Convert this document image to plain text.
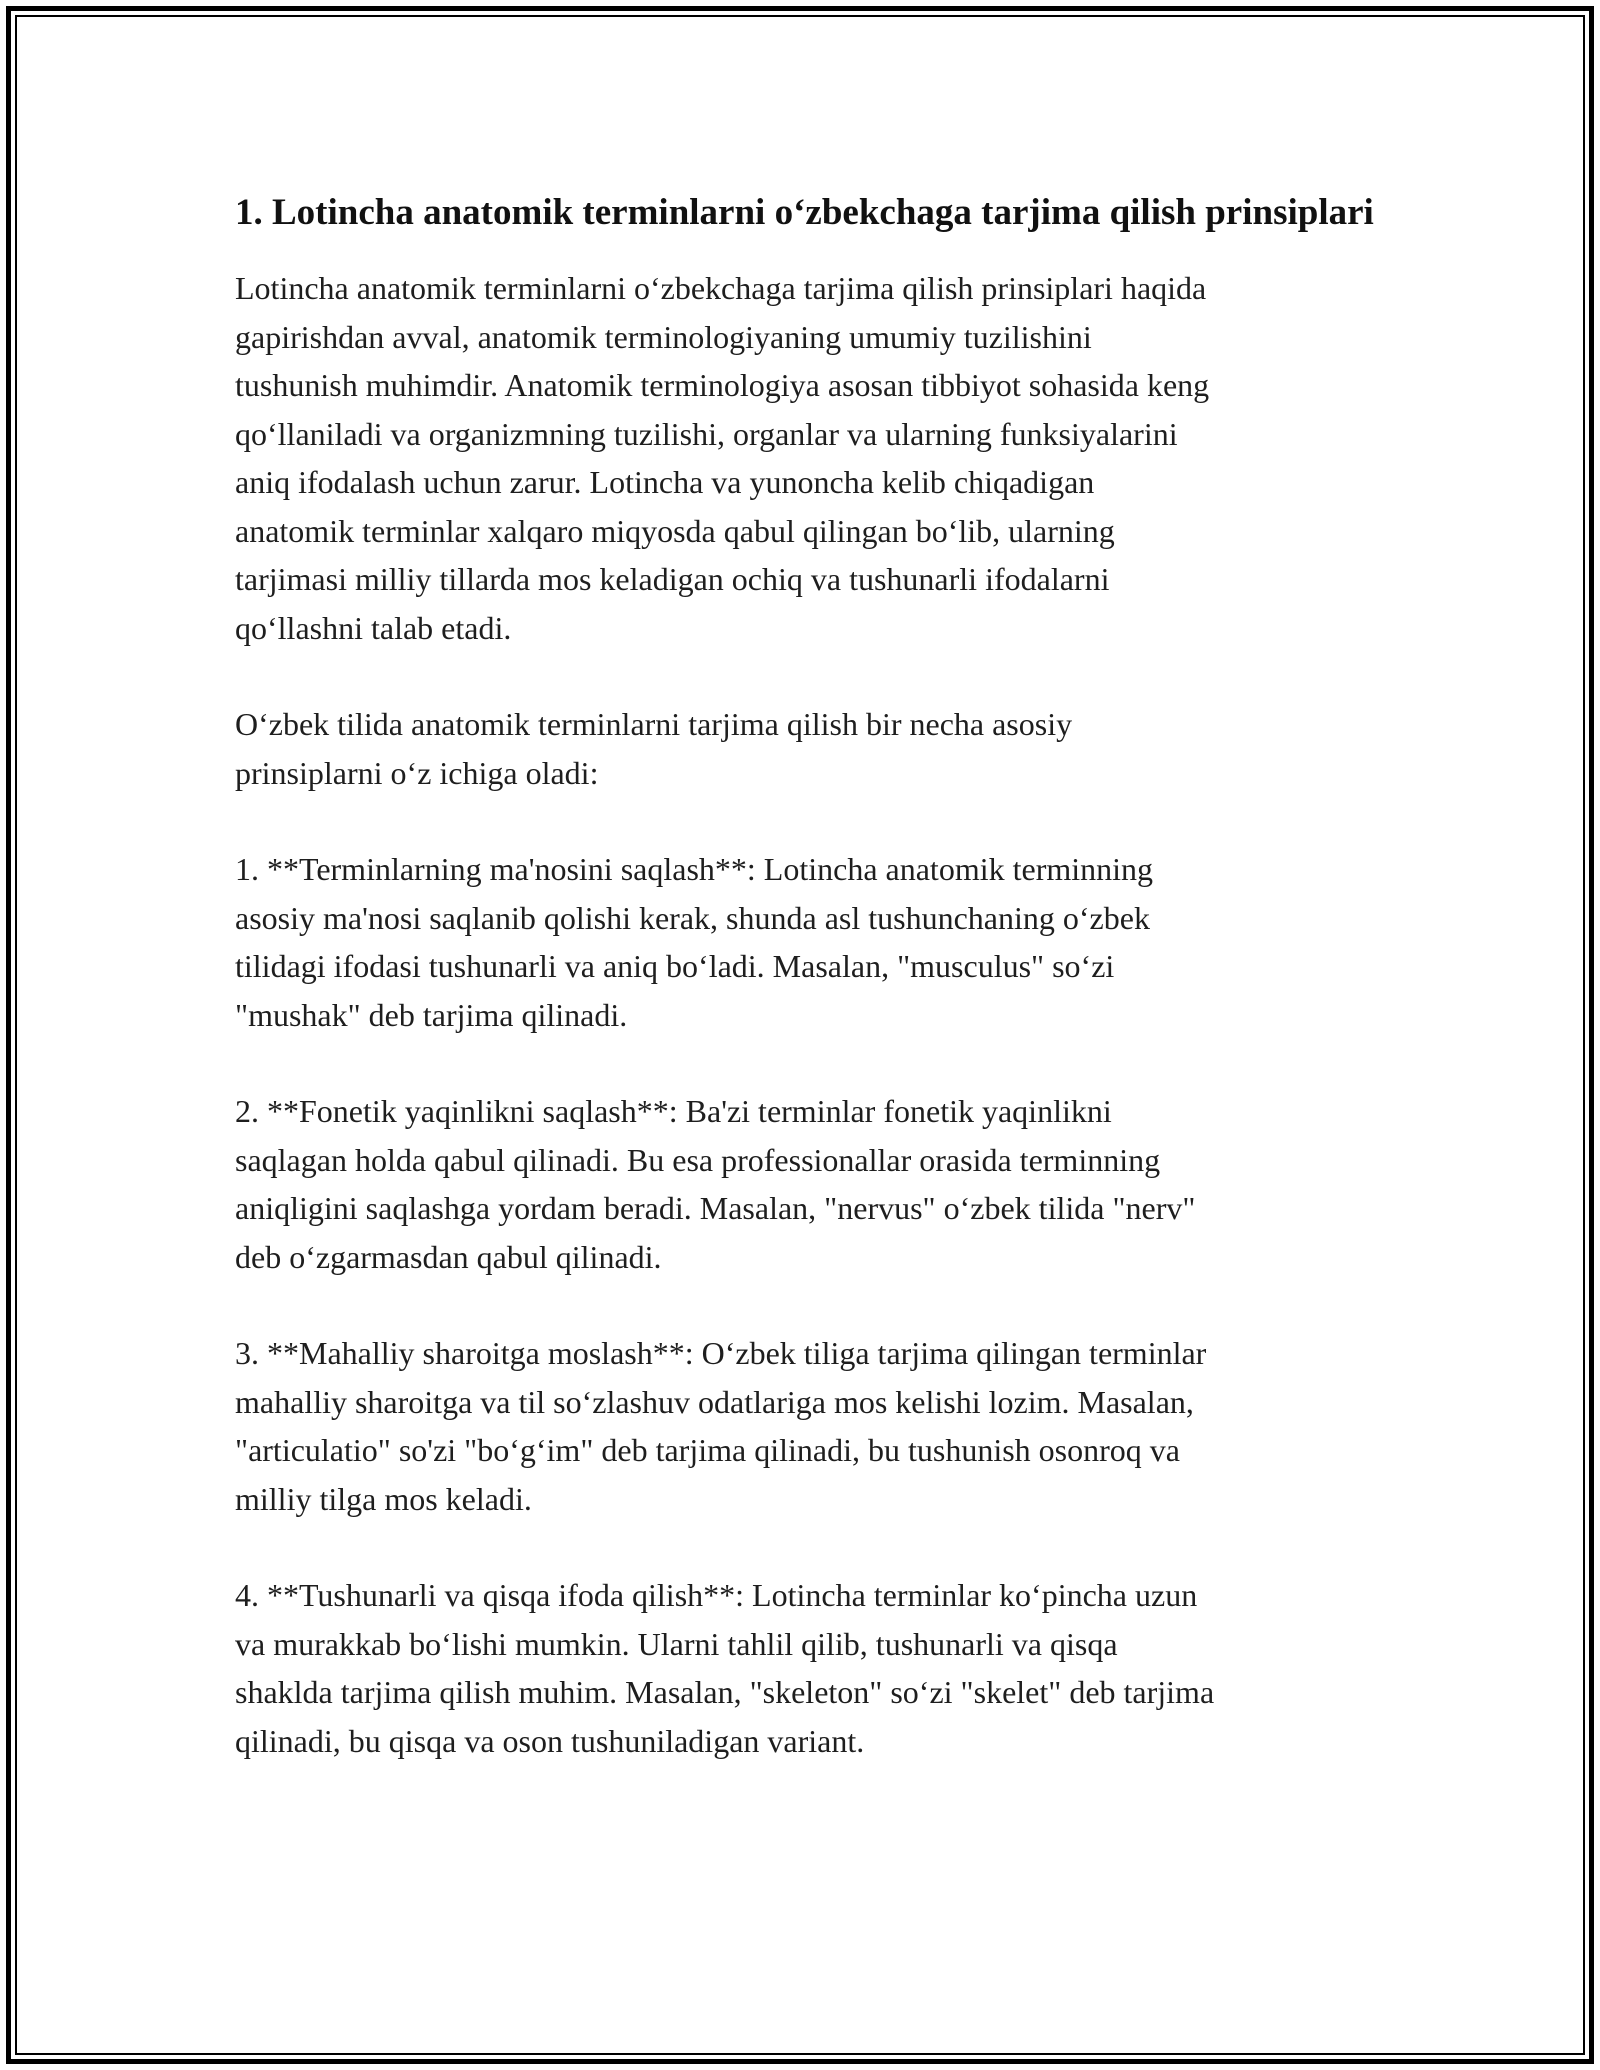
1. Lotincha anatomik terminlarni o‘zbekchaga tarjima qilish prinsiplari

Lotincha anatomik terminlarni o‘zbekchaga tarjima qilish prinsiplari haqida
gapirishdan avval, anatomik terminologiyaning umumiy tuzilishini
tushunish muhimdir. Anatomik terminologiya asosan tibbiyot sohasida keng
qo‘llaniladi va organizmning tuzilishi, organlar va ularning funksiyalarini
aniq ifodalash uchun zarur. Lotincha va yunoncha kelib chiqadigan
anatomik terminlar xalqaro miqyosda qabul qilingan bo‘lib, ularning
tarjimasi milliy tillarda mos keladigan ochiq va tushunarli ifodalarni
qo‘llashni talab etadi.

O‘zbek tilida anatomik terminlarni tarjima qilish bir necha asosiy
prinsiplarni o‘z ichiga oladi:

1. **Terminlarning ma'nosini saqlash**: Lotincha anatomik terminning
asosiy ma'nosi saqlanib qolishi kerak, shunda asl tushunchaning o‘zbek
tilidagi ifodasi tushunarli va aniq bo‘ladi. Masalan, "musculus" so‘zi
"mushak" deb tarjima qilinadi.

2. **Fonetik yaqinlikni saqlash**: Ba'zi terminlar fonetik yaqinlikni
saqlagan holda qabul qilinadi. Bu esa professionallar orasida terminning
aniqligini saqlashga yordam beradi. Masalan, "nervus" o‘zbek tilida "nerv"
deb o‘zgarmasdan qabul qilinadi.

3. **Mahalliy sharoitga moslash**: O‘zbek tiliga tarjima qilingan terminlar
mahalliy sharoitga va til so‘zlashuv odatlariga mos kelishi lozim. Masalan,
"articulatio" so'zi "bo‘g‘im" deb tarjima qilinadi, bu tushunish osonroq va
milliy tilga mos keladi.

4. **Tushunarli va qisqa ifoda qilish**: Lotincha terminlar ko‘pincha uzun
va murakkab bo‘lishi mumkin. Ularni tahlil qilib, tushunarli va qisqa
shaklda tarjima qilish muhim. Masalan, "skeleton" so‘zi "skelet" deb tarjima
qilinadi, bu qisqa va oson tushuniladigan variant.
